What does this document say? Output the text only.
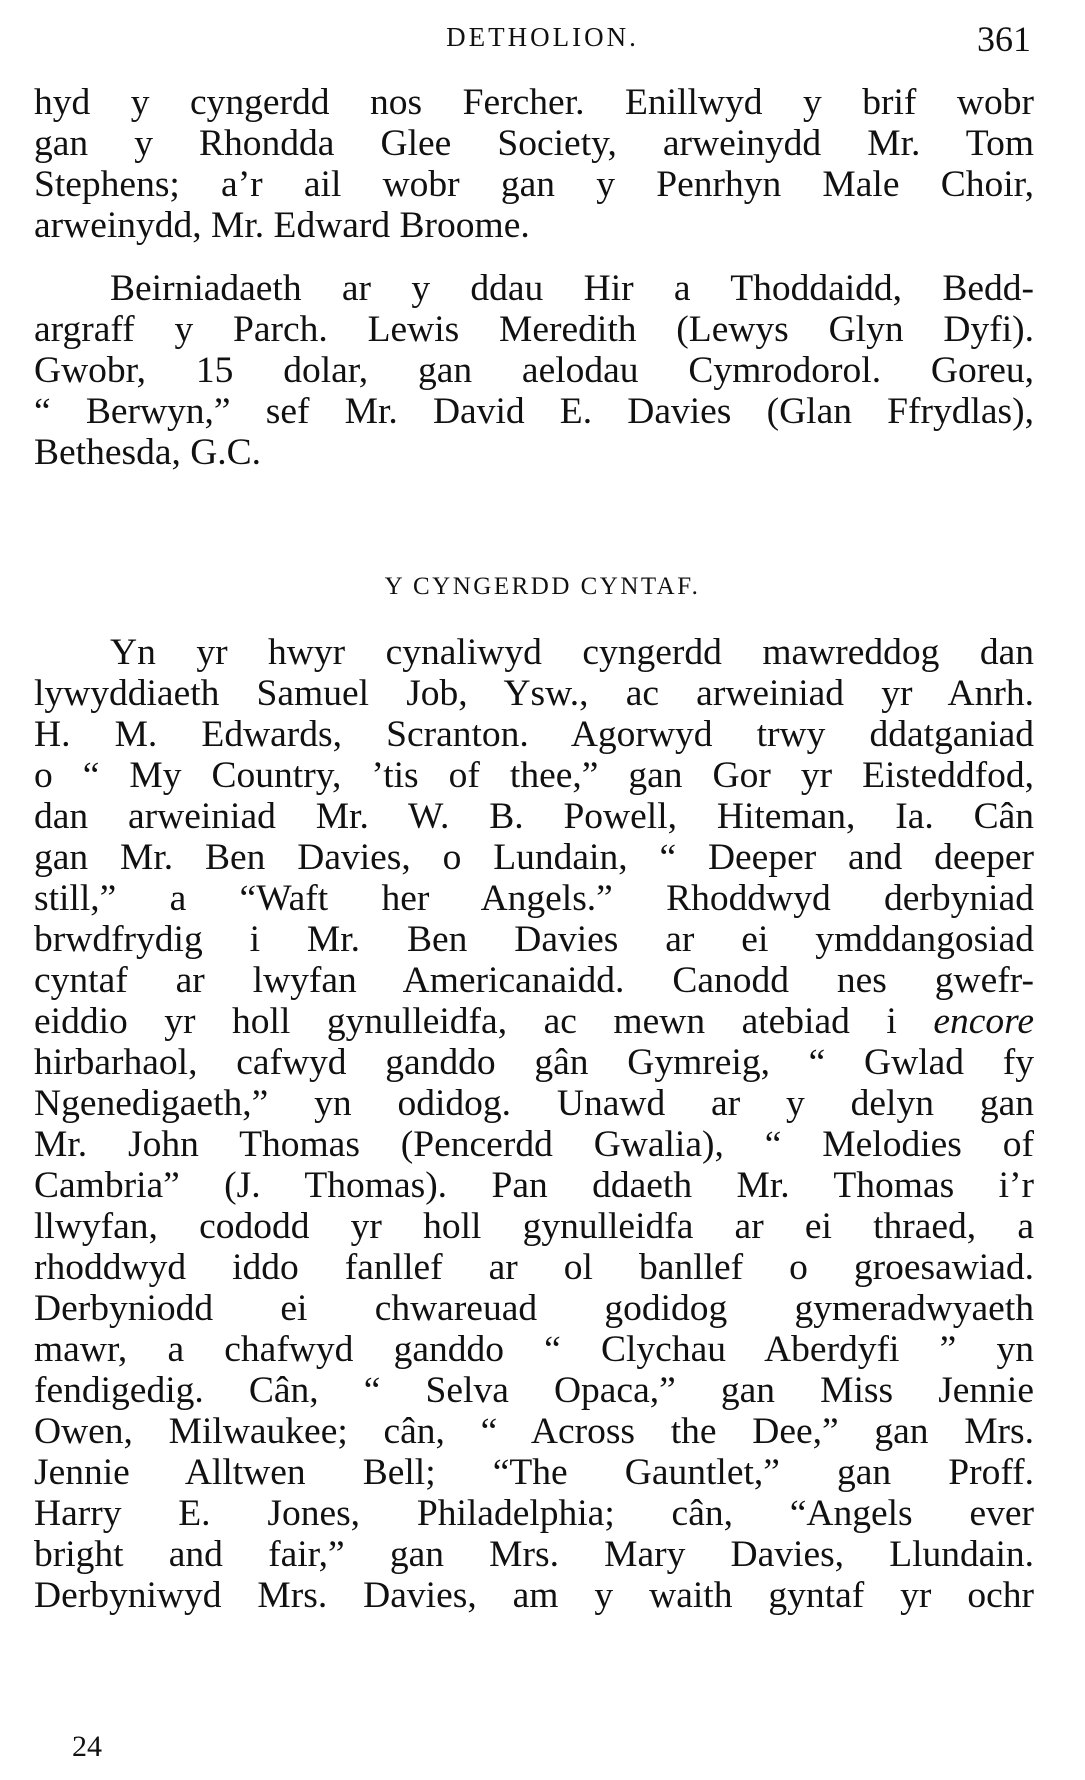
DETHOLION.	361
hyd y cyngerdd nos Fercher. Enillwyd y brif wobr
gan y Rhondda Glee Society, arweinydd Mr. Tom
Stephens; a’r ail wobr gan y Penrhyn Male Choir,
arweinydd, Mr. Edward Broome.
Beirniadaeth ar y ddau Hir a Thoddaidd, Bedd-
argraff y Parch. Lewis Meredith (Lewys Glyn Dyfi).
Gwobr, 15 dolar, gan aelodau Cymrodorol. Goreu,
“ Berwyn,” sef Mr. David E. Davies (Glan Ffrydlas),
Bethesda, G.C.
Y CYNGERDD CYNTAF.
Yn yr hwyr cynaliwyd cyngerdd mawreddog dan
lywyddiaeth Samuel Job, Ysw., ac arweiniad yr Anrh.
H. M. Edwards, Scranton. Agorwyd trwy ddatganiad
o “ My Country, ’tis of thee,” gan Gor yr Eisteddfod,
dan arweiniad Mr. W. B. Powell, Hiteman, Ia. Cân
gan Mr. Ben Davies, o Lundain, “ Deeper and deeper
still,” a “Waft her Angels.” Rhoddwyd derbyniad
brwdfrydig i Mr. Ben Davies ar ei ymddangosiad
cyntaf ar lwyfan Americanaidd. Canodd nes gwefr-
eiddio yr holl gynulleidfa, ac mewn atebiad i encore
hirbarhaol, cafwyd ganddo gân Gymreig, “ Gwlad fy
Ngenedigaeth,” yn odidog. Unawd ar y delyn gan
Mr. John Thomas (Pencerdd Gwalia), “ Melodies of
Cambria” (J. Thomas). Pan ddaeth Mr. Thomas i’r
llwyfan, cododd yr holl gynulleidfa ar ei thraed, a
rhoddwyd iddo fanllef ar ol banllef o groesawiad.
Derbyniodd ei chwareuad godidog gymeradwyaeth
mawr, a chafwyd ganddo “ Clychau Aberdyfi ” yn
fendigedig. Cân, “ Selva Opaca,” gan Miss Jennie
Owen, Milwaukee; cân, “ Across the Dee,” gan Mrs.
Jennie Alltwen Bell; “The Gauntlet,” gan Proff.
Harry E. Jones, Philadelphia; cân, “Angels ever
bright and fair,” gan Mrs. Mary Davies, Llundain.
Derbyniwyd Mrs. Davies, am y waith gyntaf yr ochr
24
